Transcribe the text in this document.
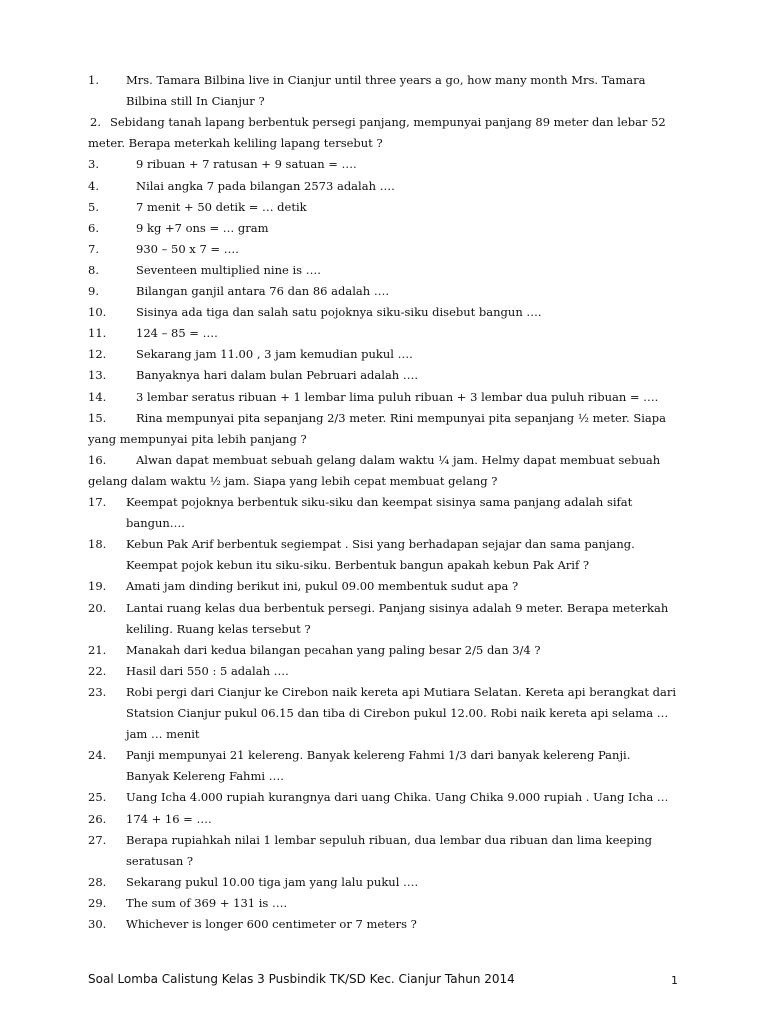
1. Mrs. Tamara Bilbina live in Cianjur until three years a go, how many month Mrs. Tamara
Bilbina still In Cianjur ?
2. Sebidang tanah lapang berbentuk persegi panjang, mempunyai panjang 89 meter dan lebar 52
meter. Berapa meterkah keliling lapang tersebut ?
3.	9 ribuan + 7 ratusan + 9 satuan = ….
4.	Nilai angka 7 pada bilangan 2573 adalah ….
5.	7 menit + 50 detik = … detik
6.	9 kg +7 ons = … gram
7.	930 – 50 x 7 = ….
8.	Seventeen multiplied nine is ….
9.	Bilangan ganjil antara 76 dan 86 adalah ….
10.	Sisinya ada tiga dan salah satu pojoknya siku-siku disebut bangun ….
11.	124 – 85 = ….
12.	Sekarang jam 11.00 , 3 jam kemudian pukul ….
13.	Banyaknya hari dalam bulan Pebruari adalah ….
14.	3 lembar seratus ribuan + 1 lembar lima puluh ribuan + 3 lembar dua puluh ribuan = ….
15.	Rina mempunyai pita sepanjang 2/3 meter. Rini mempunyai pita sepanjang ½ meter. Siapa
yang mempunyai pita lebih panjang ?
16.	Alwan dapat membuat sebuah gelang dalam waktu ¼ jam. Helmy dapat membuat sebuah
gelang dalam waktu ½ jam. Siapa yang lebih cepat membuat gelang ?
17. Keempat pojoknya berbentuk siku-siku dan keempat sisinya sama panjang adalah sifat
bangun….
18. Kebun Pak Arif berbentuk segiempat . Sisi yang berhadapan sejajar dan sama panjang.
Keempat pojok kebun itu siku-siku. Berbentuk bangun apakah kebun Pak Arif ?
19. Amati jam dinding berikut ini, pukul 09.00 membentuk sudut apa ?
20. Lantai ruang kelas dua berbentuk persegi. Panjang sisinya adalah 9 meter. Berapa meterkah
keliling. Ruang kelas tersebut ?
21. Manakah dari kedua bilangan pecahan yang paling besar 2/5 dan 3/4 ?
22. Hasil dari 550 : 5 adalah ….
23. Robi pergi dari Cianjur ke Cirebon naik kereta api Mutiara Selatan. Kereta api berangkat dari
Statsion Cianjur pukul 06.15 dan tiba di Cirebon pukul 12.00. Robi naik kereta api selama …
jam … menit
24. Panji mempunyai 21 kelereng. Banyak kelereng Fahmi 1/3 dari banyak kelereng Panji.
Banyak Kelereng Fahmi ….
25. Uang Icha 4.000 rupiah kurangnya dari uang Chika. Uang Chika 9.000 rupiah . Uang Icha …
26. 174 + 16 = ….
27. Berapa rupiahkah nilai 1 lembar sepuluh ribuan, dua lembar dua ribuan dan lima keeping
seratusan ?
28. Sekarang pukul 10.00 tiga jam yang lalu pukul ….
29. The sum of 369 + 131 is ….
30. Whichever is longer 600 centimeter or 7 meters ?
Soal Lomba Calistung Kelas 3 Pusbindik TK/SD Kec. Cianjur Tahun 2014	1
